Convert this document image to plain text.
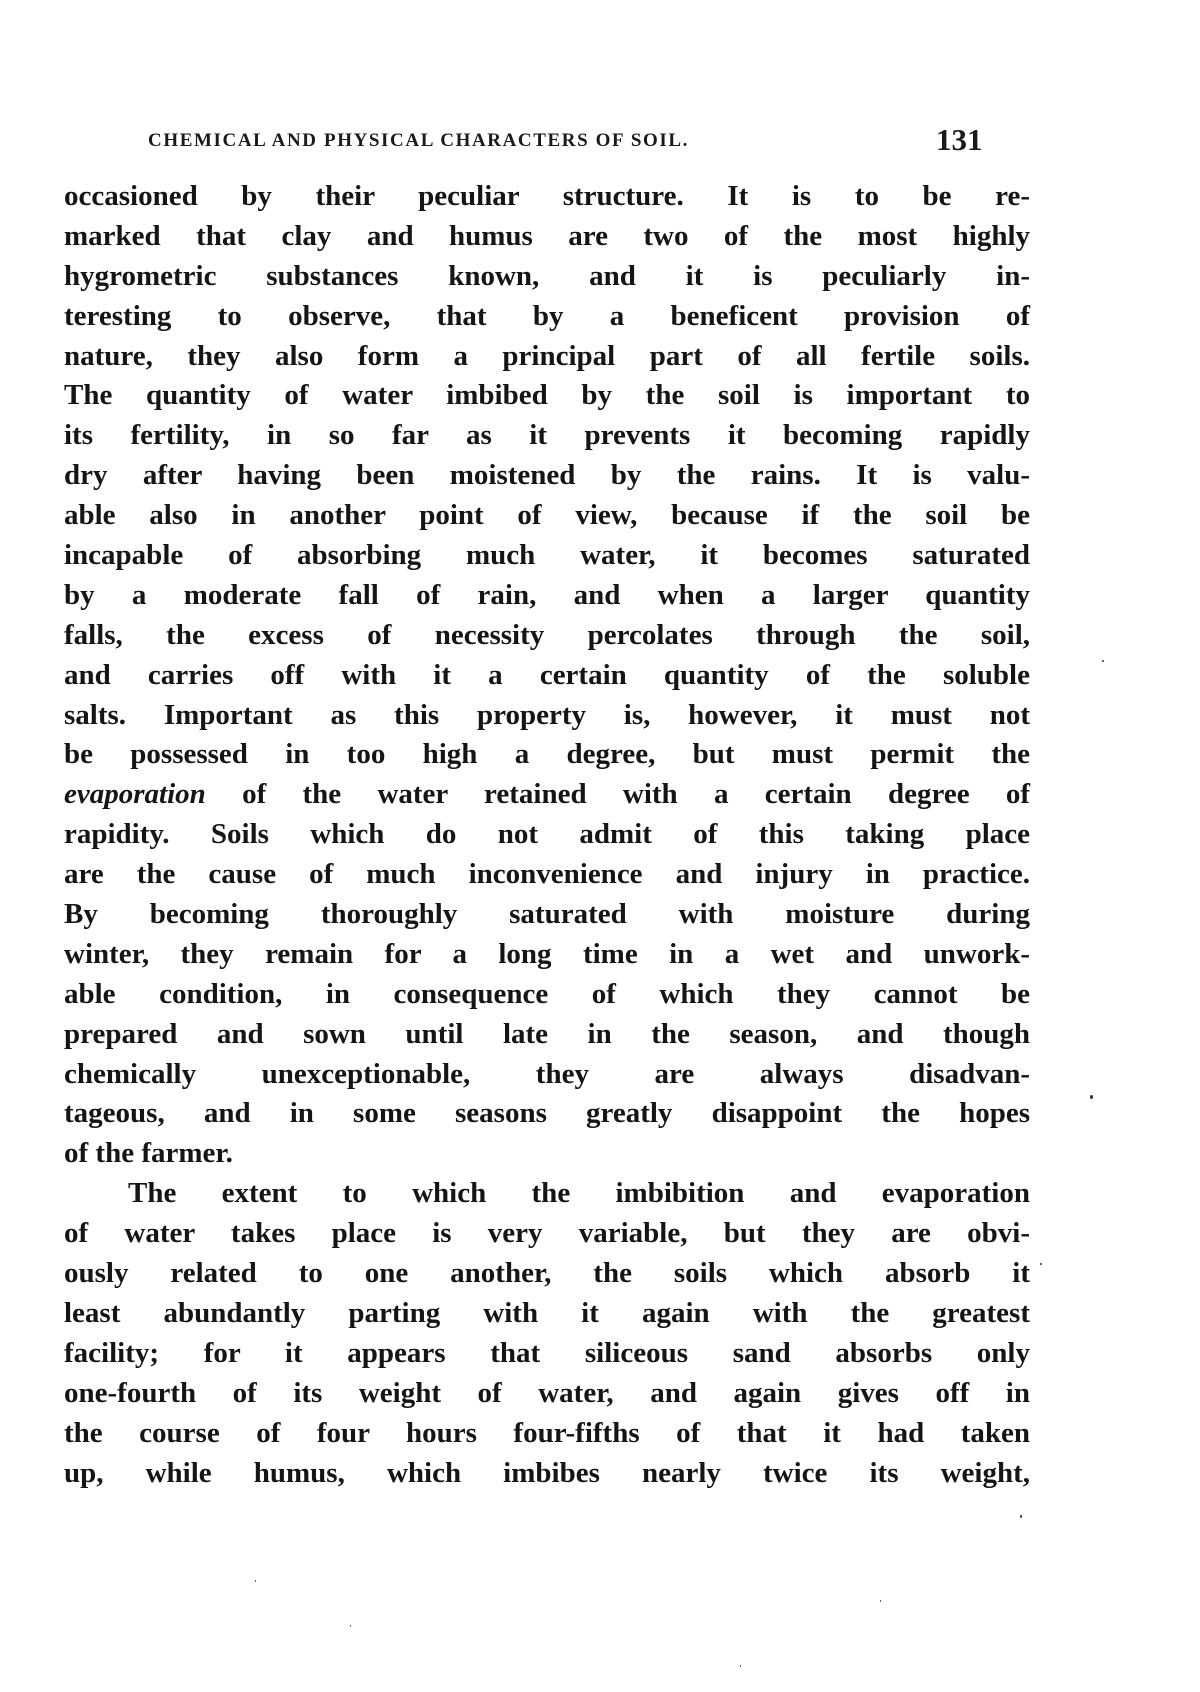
CHEMICAL AND PHYSICAL CHARACTERS OF SOIL.	131
occasioned by their peculiar structure. It is to be re-
marked that clay and humus are two of the most highly
hygrometric substances known, and it is peculiarly in-
teresting to observe, that by a beneficent provision of
nature, they also form a principal part of all fertile soils.
The quantity of water imbibed by the soil is important to
its fertility, in so far as it prevents it becoming rapidly
dry after having been moistened by the rains. It is valu-
able also in another point of view, because if the soil be
incapable of absorbing much water, it becomes saturated
by a moderate fall of rain, and when a larger quantity
falls, the excess of necessity percolates through the soil,
and carries off with it a certain quantity of the soluble
salts. Important as this property is, however, it must not
be possessed in too high a degree, but must permit the
evaporation of the water retained with a certain degree of
rapidity. Soils which do not admit of this taking place
are the cause of much inconvenience and injury in practice.
By becoming thoroughly saturated with moisture during
winter, they remain for a long time in a wet and unwork-
able condition, in consequence of which they cannot be
prepared and sown until late in the season, and though
chemically unexceptionable, they are always disadvan-
tageous, and in some seasons greatly disappoint the hopes
of the farmer.
The extent to which the imbibition and evaporation
of water takes place is very variable, but they are obvi-
ously related to one another, the soils which absorb it
least abundantly parting with it again with the greatest
facility; for it appears that siliceous sand absorbs only
one-fourth of its weight of water, and again gives off in
the course of four hours four-fifths of that it had taken
up, while humus, which imbibes nearly twice its weight,
